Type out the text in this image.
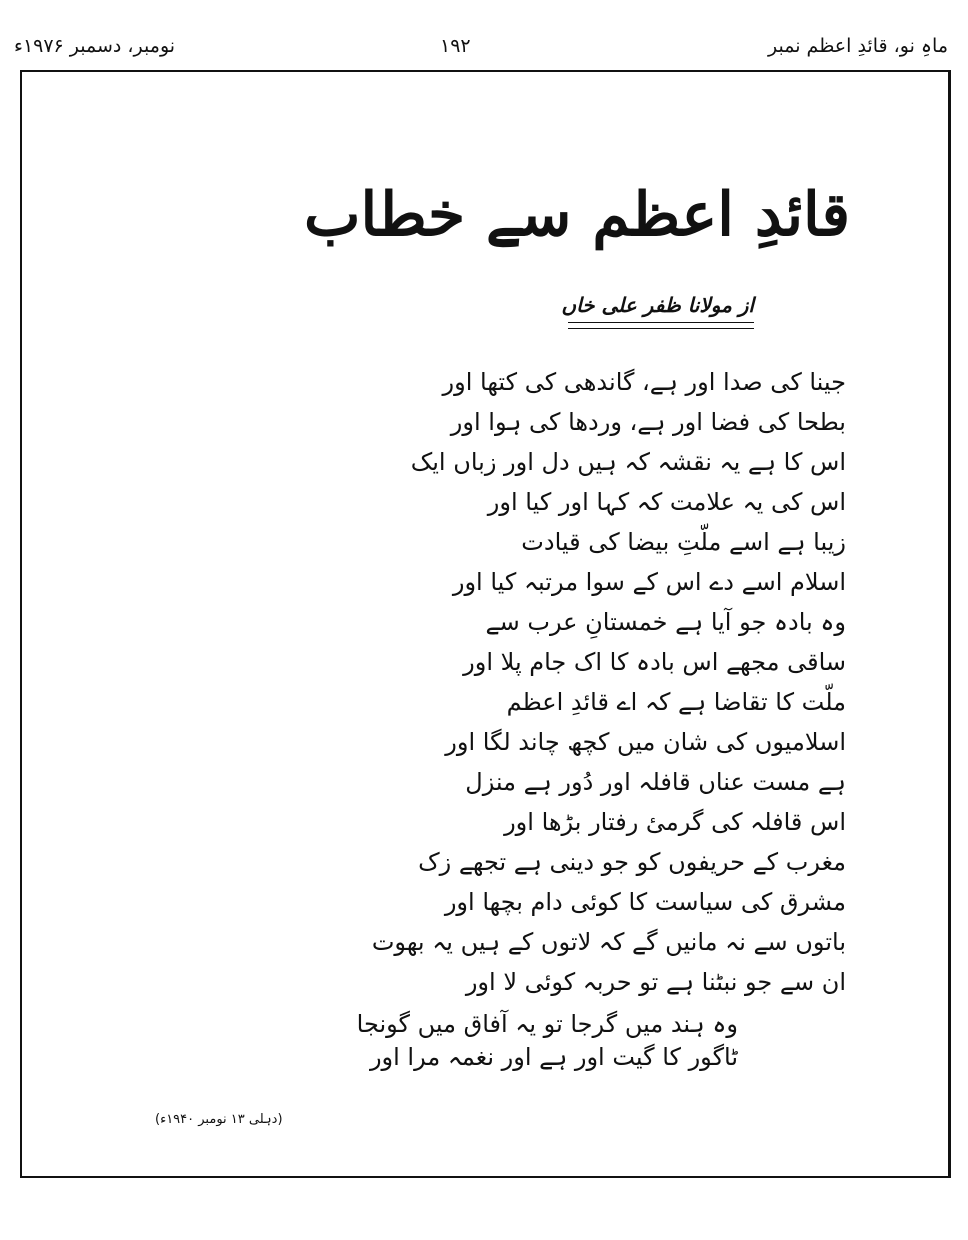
ماہِ نو، قائدِ اعظم نمبر
۱۹۲
نومبر، دسمبر ۱۹۷۶ء
قائدِ اعظم سے خطاب
از مولانا ظفر علی خاں
جینا کی صدا اور ہے، گاندھی کی کتھا اور
بطحا کی فضا اور ہے، وردھا کی ہوا اور
اس کا ہے یہ نقشہ کہ ہیں دل اور زباں ایک
اس کی یہ علامت کہ کہا اور کیا اور
زیبا ہے اسے ملّتِ بیضا کی قیادت
اسلام اسے دے اس کے سوا مرتبہ کیا اور
وہ بادہ جو آیا ہے خمستانِ عرب سے
ساقی مجھے اس بادہ کا اک جام پلا اور
ملّت کا تقاضا ہے کہ اے قائدِ اعظم
اسلامیوں کی شان میں کچھ چاند لگا اور
ہے مست عناں قافلہ اور دُور ہے منزل
اس قافلہ کی گرمیٔ رفتار بڑھا اور
مغرب کے حریفوں کو جو دینی ہے تجھے زک
مشرق کی سیاست کا کوئی دام بچھا اور
باتوں سے نہ مانیں گے کہ لاتوں کے ہیں یہ بھوت
ان سے جو نبٹنا ہے تو حربہ کوئی لا اور
وہ ہند میں گرجا تو یہ آفاق میں گونجا
ٹاگور کا گیت اور ہے اور نغمہ مرا اور
(دہلی ۱۳ نومبر ۱۹۴۰ء)
